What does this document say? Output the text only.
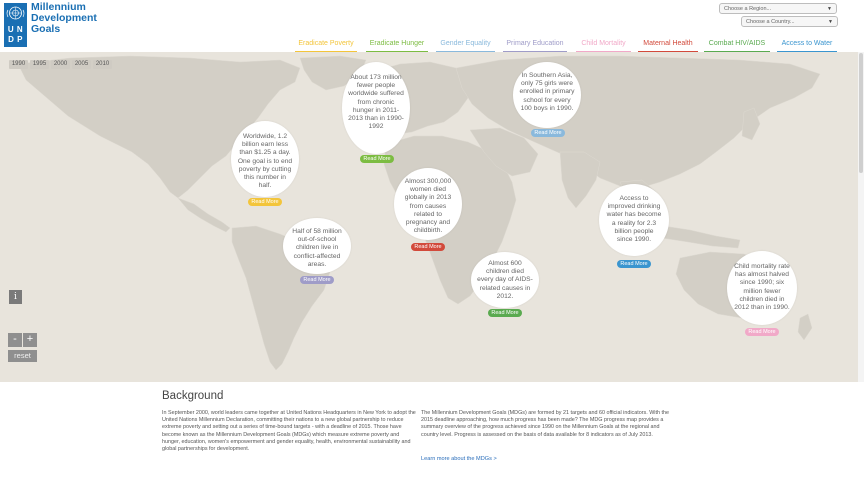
U N D P
Millennium
Development
Goals
Choose a Region...	▼
Choose a Country...	▼
Eradicate Poverty	Eradicate Hunger	Gender Equality	Primary Education	Child Mortality	Maternal Health	Combat HIV/AIDS	Access to Water
1990	1995	2000	2005	2010
Worldwide, 1.2 billion earn less than $1.25 a day. One goal is to end poverty by cutting this number in half.
Read More
About 173 million fewer people worldwide suffered from chronic hunger in 2011-2013 than in 1990-1992
Read More
In Southern Asia, only 75 girls were enrolled in primary school for every 100 boys in 1990.
Read More
Half of 58 million out-of-school children live in conflict-affected areas.
Read More
Almost 300,000 women died globally in 2013 from causes related to pregnancy and childbirth.
Read More
Almost 600 children died every day of AIDS-related causes in 2012.
Read More
Access to improved drinking water has become a reality for 2.3 billion people since 1990.
Read More	Child mortality rate has almost halved since 1990; six million fewer children died in 2012 than in 1990.
Read More
i
- +
reset
Background
In September 2000, world leaders came together at United Nations Headquarters in New York to adopt the United Nations Millennium Declaration, committing their nations to a new global partnership to reduce extreme poverty and setting out a series of time-bound targets - with a deadline of 2015. Those have become known as the Millennium Development Goals (MDGs) which measure extreme poverty and hunger, education, women's empowerment and gender equality, health, environmental sustainability and global partnerships for development.
The Millennium Development Goals (MDGs) are formed by 21 targets and 60 official indicators. With the 2015 deadline approaching, how much progress has been made? The MDG progress map provides a summary overview of the progress achieved since 1990 on the Millennium Goals at the regional and country level. Progress is assessed on the basis of data available for 8 indicators as of July 2013.
Learn more about the MDGs >
